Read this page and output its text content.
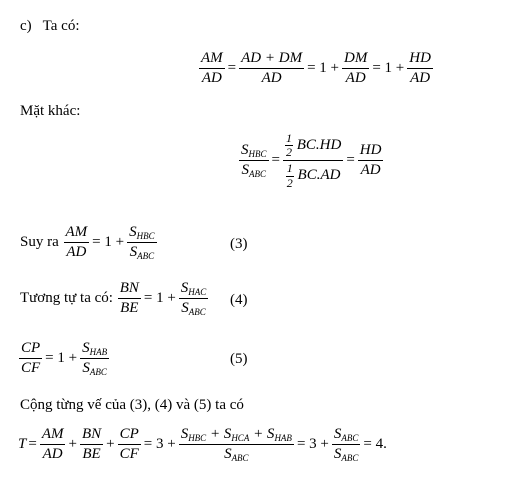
c) Ta có:
$\frac{AM}{AD} = \frac{AD + DM}{AD} = 1 + \frac{DM}{AD} = 1 + \frac{HD}{AD}$
Mặt khác:
$\frac{S_{HBC}}{S_{ABC}} = 1$
2
BC.HD
1
2
$BC.AD = \frac{HD}{AD}$
Suy ra
$\frac{AM}{AD} = 1 + \frac{S_{HBC}}{S_{ABC}}$	(3)
Tương tự ta có:
$\frac{BN}{BE} = 1 + \frac{S_{HAC}}{S_{ABC}} (4)$
$\frac{CP}{CF} = 1 + \frac{S_{HAB}}{S_{ABC}}$	(5)
Cộng từng vế của (3), (4) và (5) ta có
$T = \frac{AM}{AD} + \frac{BN}{BE} + \frac{CP}{CF} = 3 + \frac{S_{HBC} + S_{HCA} + S_{HAB}}{S_{ABC}} = 3 + \frac{S_{ABC}}{S_{ABC}} = 4$.
